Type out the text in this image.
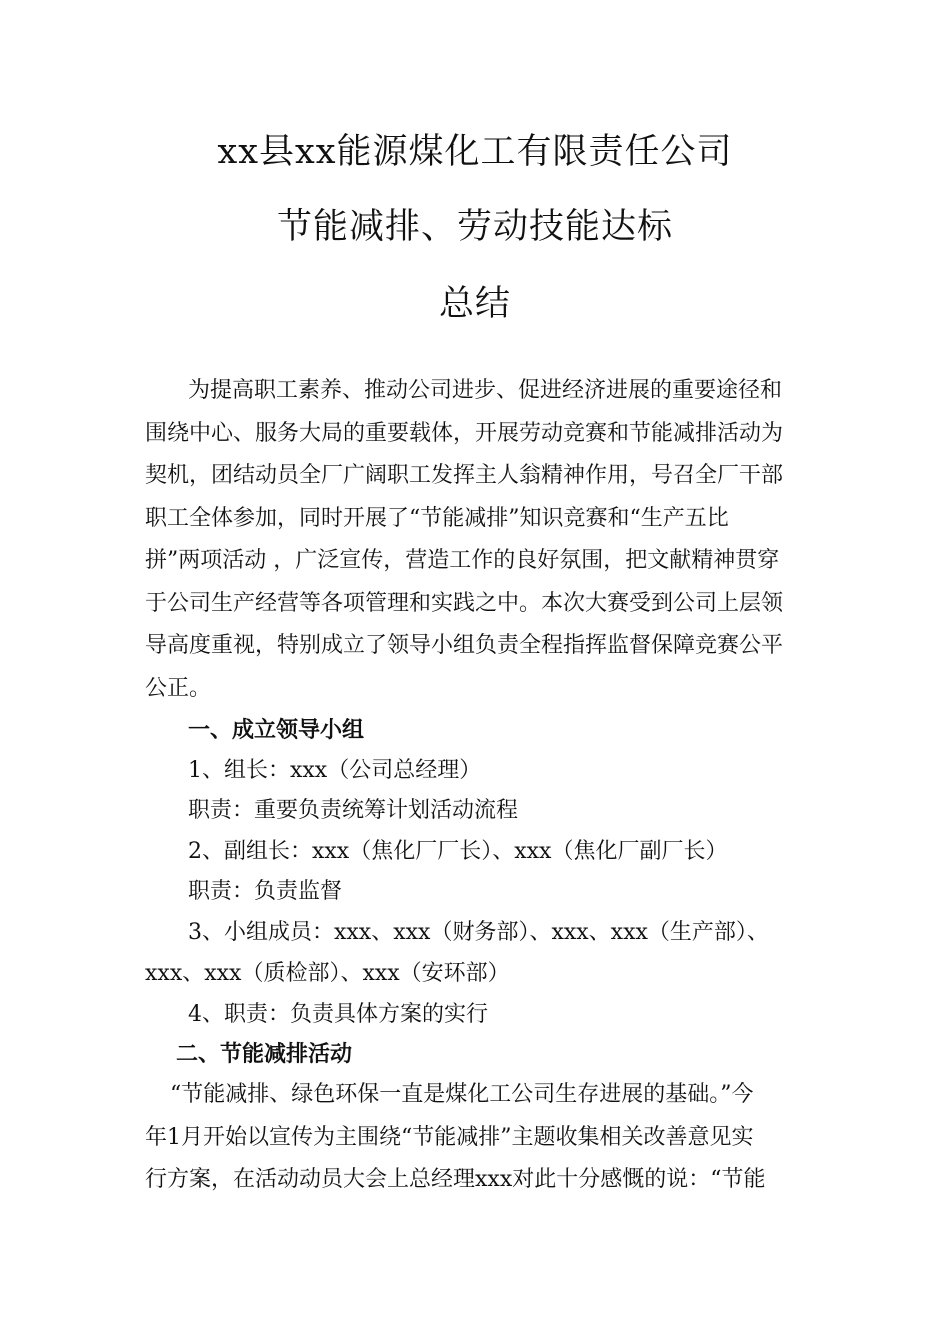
xx县xx能源煤化工有限责任公司
节能减排、劳动技能达标
总结
为提高职工素养、推动公司进步、促进经济进展的重要途径和
围绕中心、服务大局的重要载体，开展劳动竞赛和节能减排活动为
契机，团结动员全厂广阔职工发挥主人翁精神作用，号召全厂干部
职工全体参加，同时开展了“节能减排”知识竞赛和“生产五比
拼”两项活动 ，广泛宣传，营造工作的良好氛围，把文献精神贯穿
于公司生产经营等各项管理和实践之中。本次大赛受到公司上层领
导高度重视，特别成立了领导小组负责全程指挥监督保障竞赛公平
公正。
一、成立领导小组
1、组长：xxx（公司总经理）
职责：重要负责统筹计划活动流程
2、副组长：xxx（焦化厂厂长）、xxx（焦化厂副厂长）
职责：负责监督
3、小组成员：xxx、xxx（财务部）、xxx、xxx（生产部）、
xxx、xxx（质检部）、xxx（安环部）
4、职责：负责具体方案的实行
二、节能减排活动
“节能减排、绿色环保一直是煤化工公司生存进展的基础。”今
年1月开始以宣传为主围绕“节能减排”主题收集相关改善意见实
行方案，在活动动员大会上总经理xxx对此十分感慨的说：“节能
